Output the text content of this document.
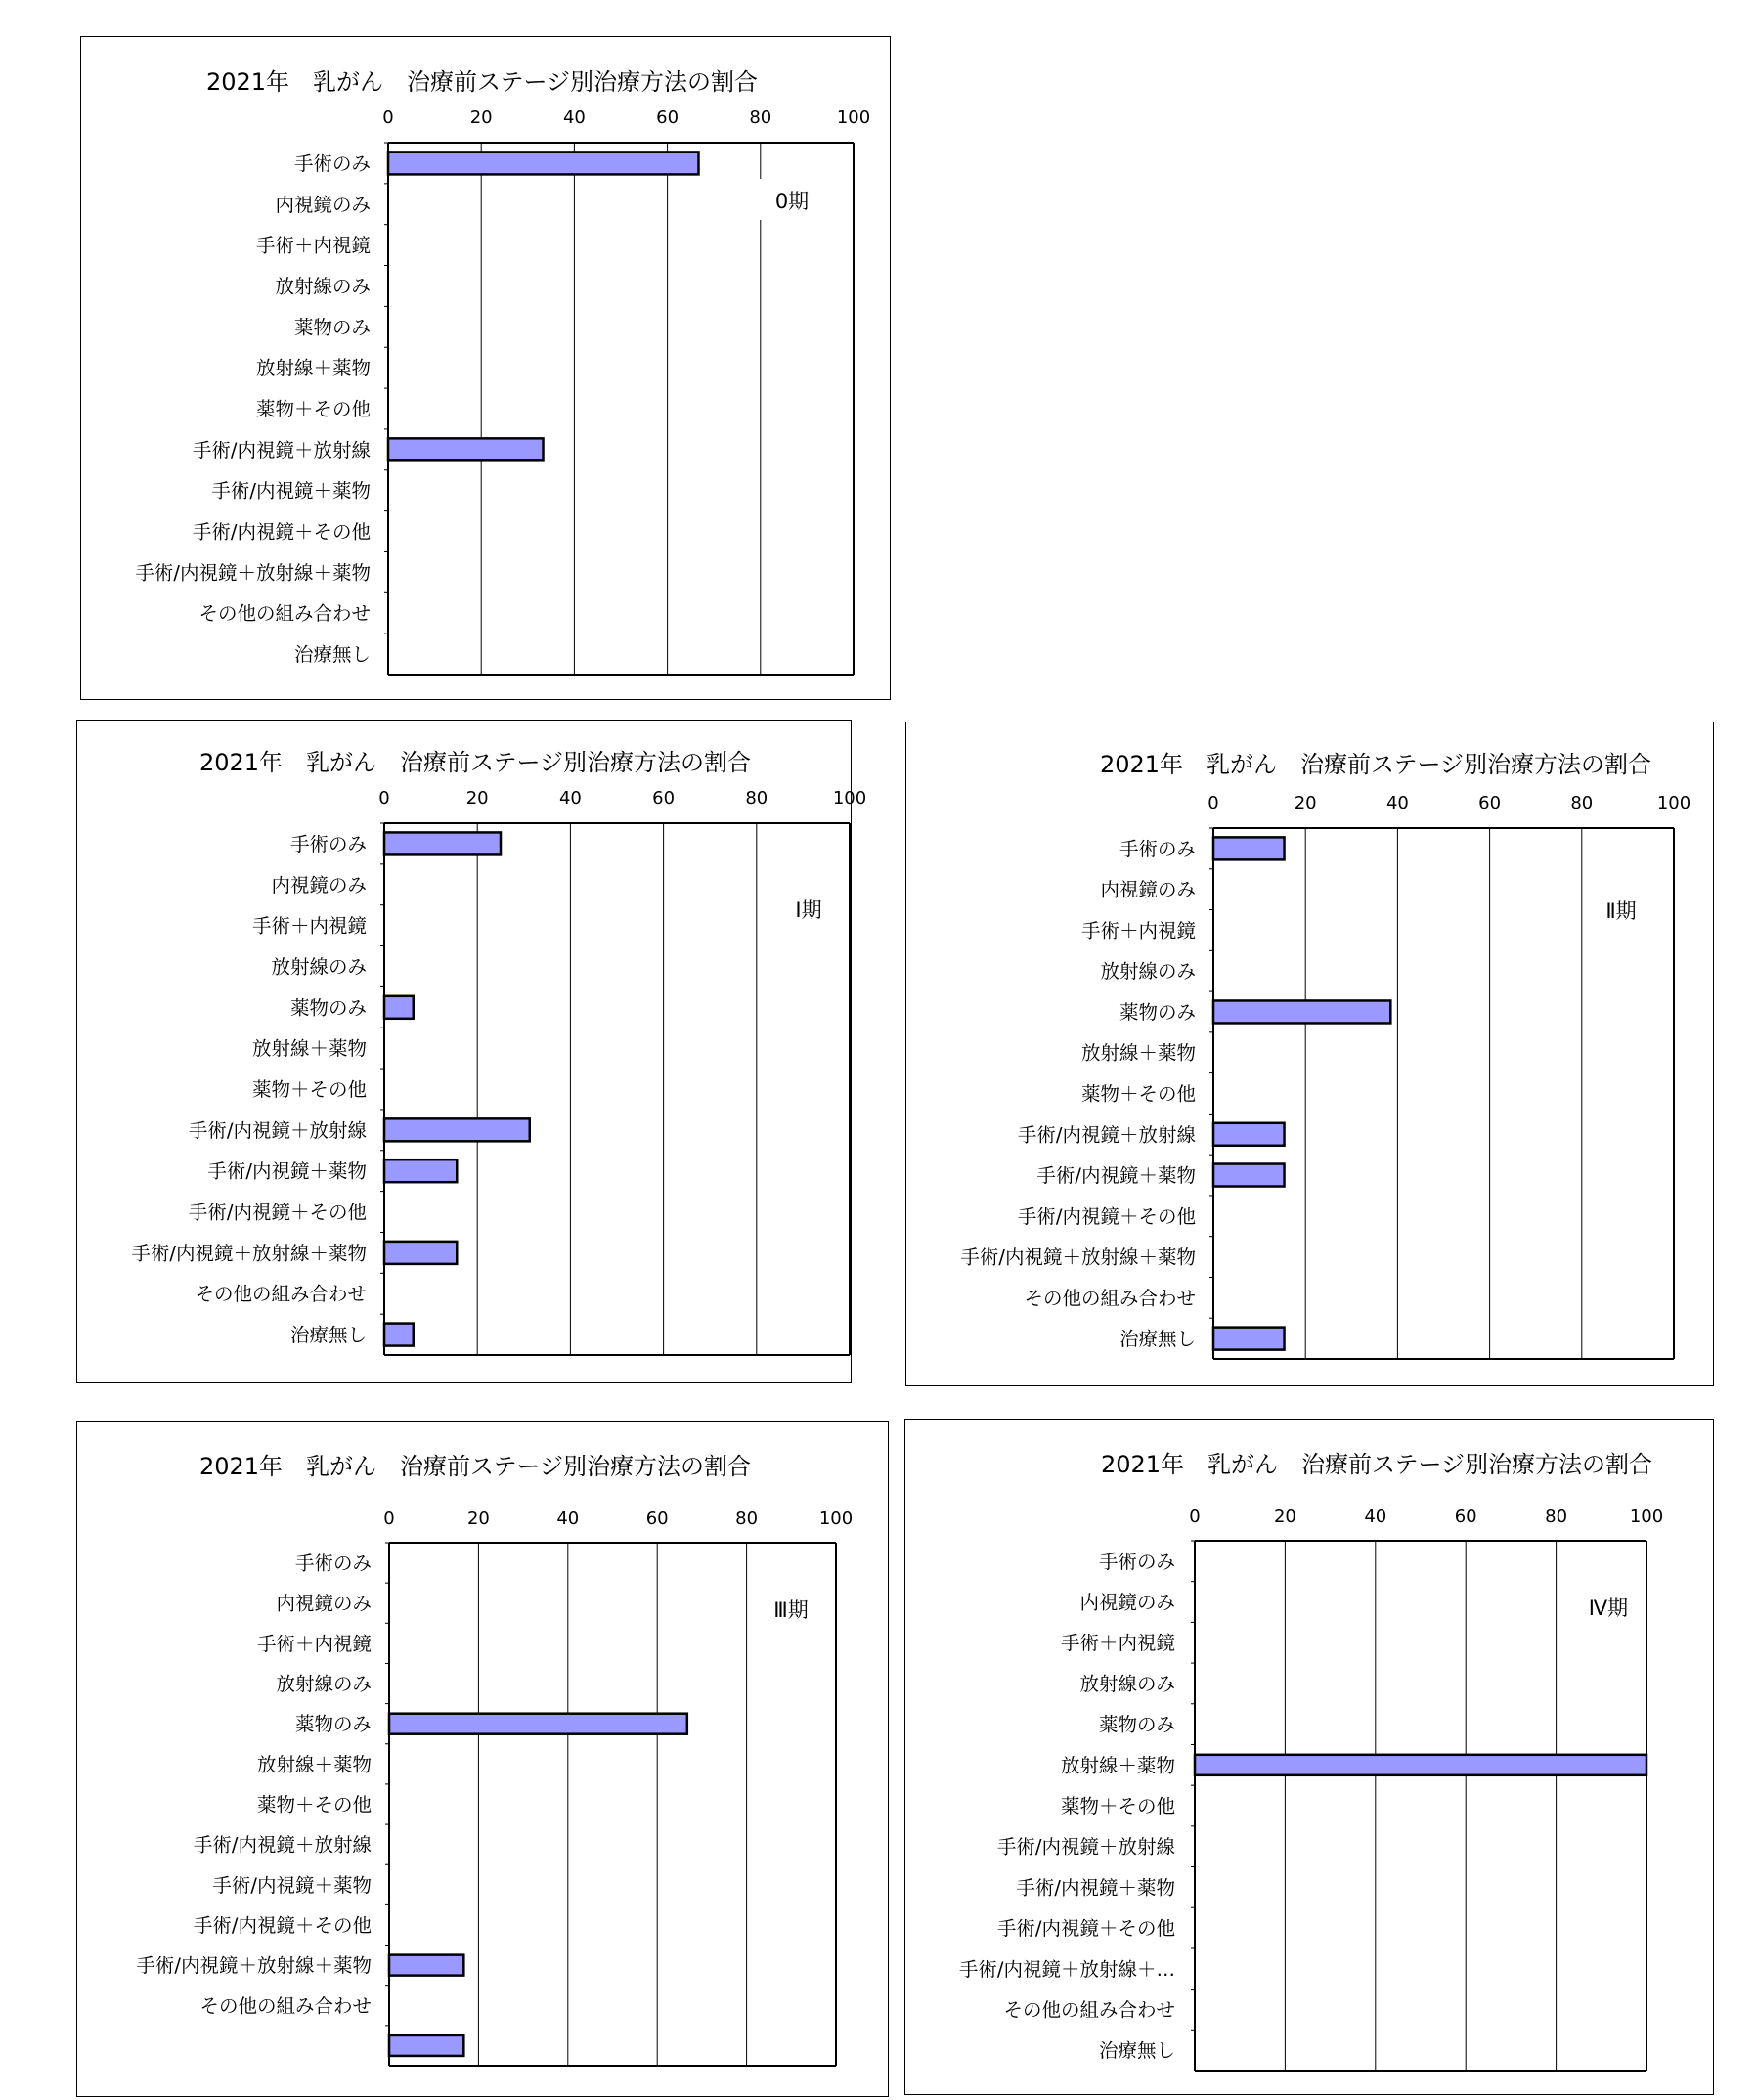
2021年　乳がん　治療前ステージ別治療方法の割合
0	20	40	60	80	100
0期
手術のみ
内視鏡のみ
手術＋内視鏡
放射線のみ
薬物のみ
放射線＋薬物
薬物＋その他
手術/内視鏡＋放射線
手術/内視鏡＋薬物
手術/内視鏡＋その他
手術/内視鏡＋放射線＋薬物
その他の組み合わせ
治療無し
2021年　乳がん　治療前ステージ別治療方法の割合
0	20	40	60	80	100
Ⅰ期
手術のみ
内視鏡のみ
手術＋内視鏡
放射線のみ
薬物のみ
放射線＋薬物
薬物＋その他
手術/内視鏡＋放射線
手術/内視鏡＋薬物
手術/内視鏡＋その他
手術/内視鏡＋放射線＋薬物
その他の組み合わせ
治療無し
2021年　乳がん　治療前ステージ別治療方法の割合
0	20	40	60	80	100
Ⅱ期
手術のみ
内視鏡のみ
手術＋内視鏡
放射線のみ
薬物のみ
放射線＋薬物
薬物＋その他
手術/内視鏡＋放射線
手術/内視鏡＋薬物
手術/内視鏡＋その他
手術/内視鏡＋放射線＋薬物
その他の組み合わせ
治療無し
2021年　乳がん　治療前ステージ別治療方法の割合
0	20	40	60	80	100
Ⅲ期
手術のみ
内視鏡のみ
手術＋内視鏡
放射線のみ
薬物のみ
放射線＋薬物
薬物＋その他
手術/内視鏡＋放射線
手術/内視鏡＋薬物
手術/内視鏡＋その他
手術/内視鏡＋放射線＋薬物
その他の組み合わせ
2021年　乳がん　治療前ステージ別治療方法の割合
0	20	40	60	80	100
Ⅳ期
手術のみ
内視鏡のみ
手術＋内視鏡
放射線のみ
薬物のみ
放射線＋薬物
薬物＋その他
手術/内視鏡＋放射線
手術/内視鏡＋薬物
手術/内視鏡＋その他
手術/内視鏡＋放射線＋…
その他の組み合わせ
治療無し
